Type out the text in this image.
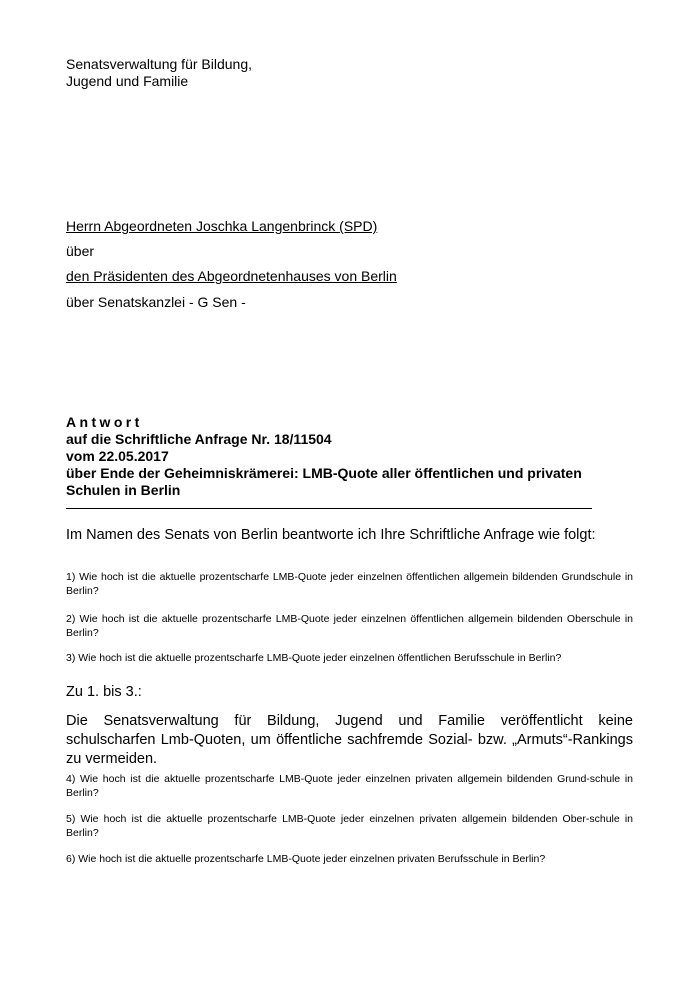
Senatsverwaltung für Bildung,
Jugend und Familie
Herrn Abgeordneten Joschka Langenbrinck (SPD)
über
den Präsidenten des Abgeordnetenhauses von Berlin
über Senatskanzlei - G Sen -
Antwort
auf die Schriftliche Anfrage Nr. 18/11504
vom 22.05.2017
über Ende der Geheimniskrämerei: LMB-Quote aller öffentlichen und privaten Schulen in Berlin
Im Namen des Senats von Berlin beantworte ich Ihre Schriftliche Anfrage wie folgt:
1) Wie hoch ist die aktuelle prozentscharfe LMB-Quote jeder einzelnen öffentlichen allgemein bildenden Grundschule in Berlin?
2) Wie hoch ist die aktuelle prozentscharfe LMB-Quote jeder einzelnen öffentlichen allgemein bildenden Oberschule in Berlin?
3) Wie hoch ist die aktuelle prozentscharfe LMB-Quote jeder einzelnen öffentlichen Berufsschule in Berlin?
Zu 1. bis 3.:
Die Senatsverwaltung für Bildung, Jugend und Familie veröffentlicht keine schulscharfen Lmb-Quoten, um öffentliche sachfremde Sozial- bzw. „Armuts“-Rankings zu vermeiden.
4) Wie hoch ist die aktuelle prozentscharfe LMB-Quote jeder einzelnen privaten allgemein bildenden Grund-schule in Berlin?
5) Wie hoch ist die aktuelle prozentscharfe LMB-Quote jeder einzelnen privaten allgemein bildenden Ober-schule in Berlin?
6) Wie hoch ist die aktuelle prozentscharfe LMB-Quote jeder einzelnen privaten Berufsschule in Berlin?
